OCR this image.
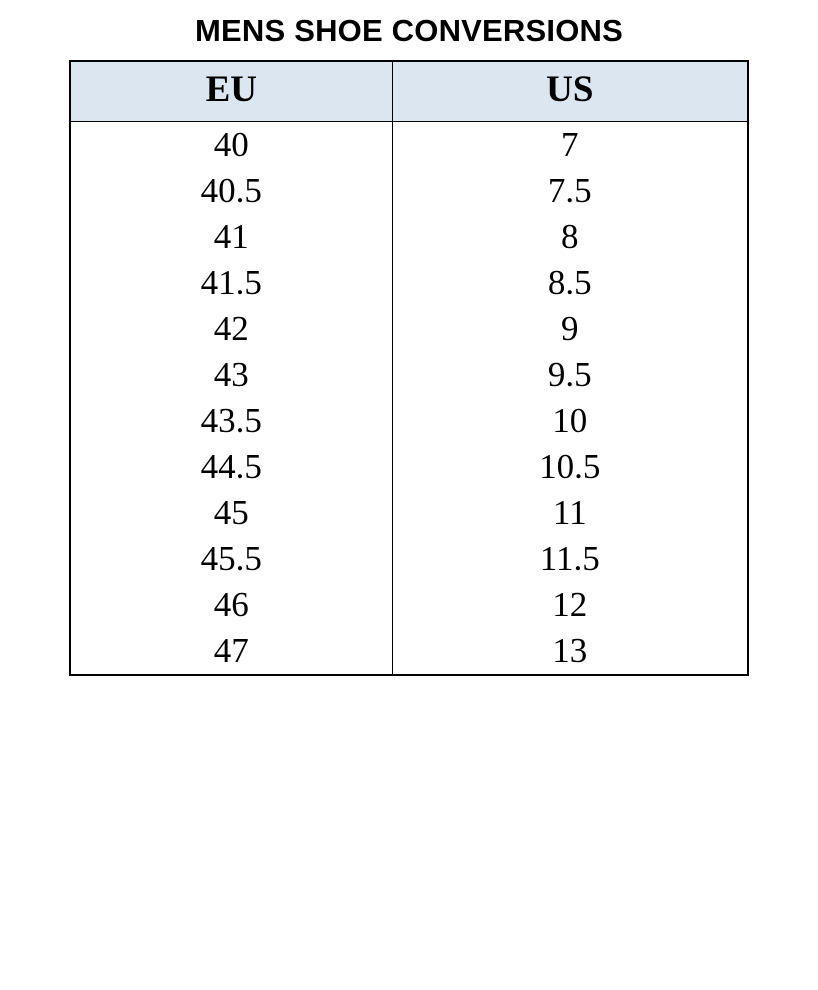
MENS SHOE CONVERSIONS
EU	US
40	7
40.5	7.5
41	8
41.5	8.5
42	9
43	9.5
43.5	10
44.5	10.5
45	11
45.5	11.5
46	12
47	13
